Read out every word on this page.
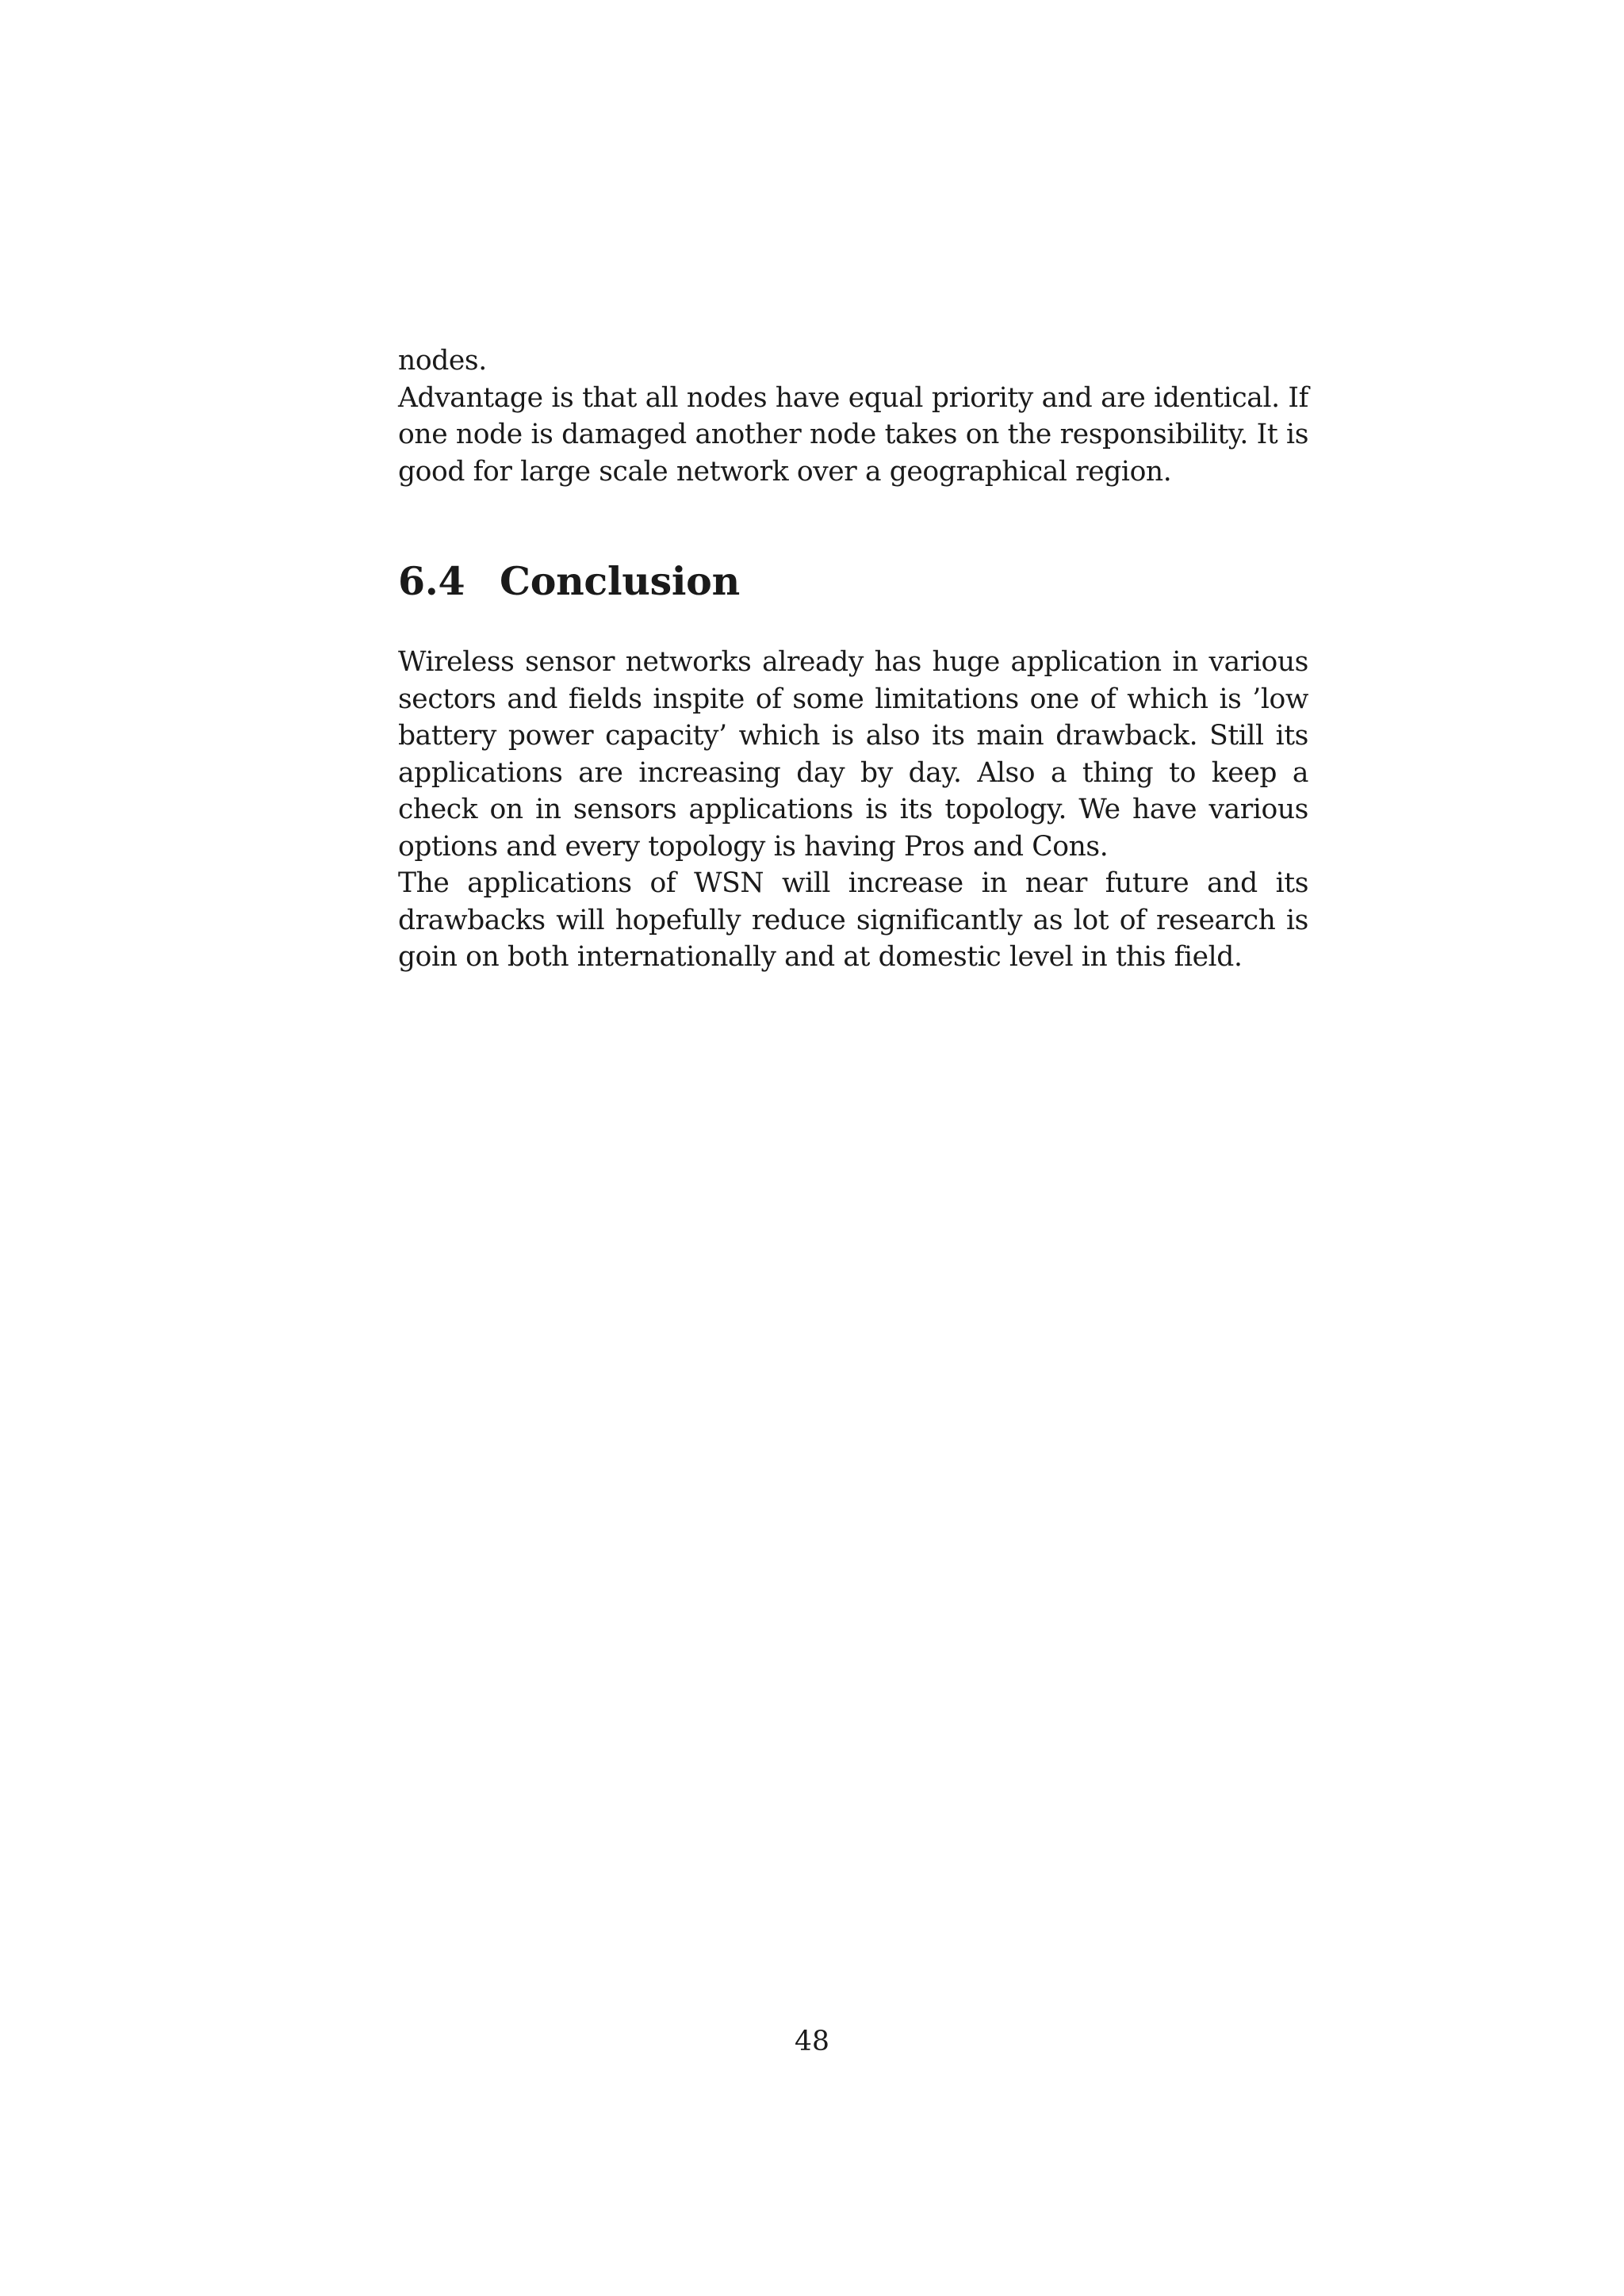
nodes.

Advantage is that all nodes have equal priority and are identical. If one node is damaged another node takes on the responsibility. It is good for large scale network over a geographical region.

6.4 Conclusion

Wireless sensor networks already has huge application in various sectors and fields inspite of some limitations one of which is ’low battery power capacity’ which is also its main drawback. Still its applications are increasing day by day. Also a thing to keep a check on in sensors applications is its topology. We have various options and every topology is having Pros and Cons.

The applications of WSN will increase in near future and its drawbacks will hopefully reduce significantly as lot of research is goin on both internationally and at domestic level in this field.

48
